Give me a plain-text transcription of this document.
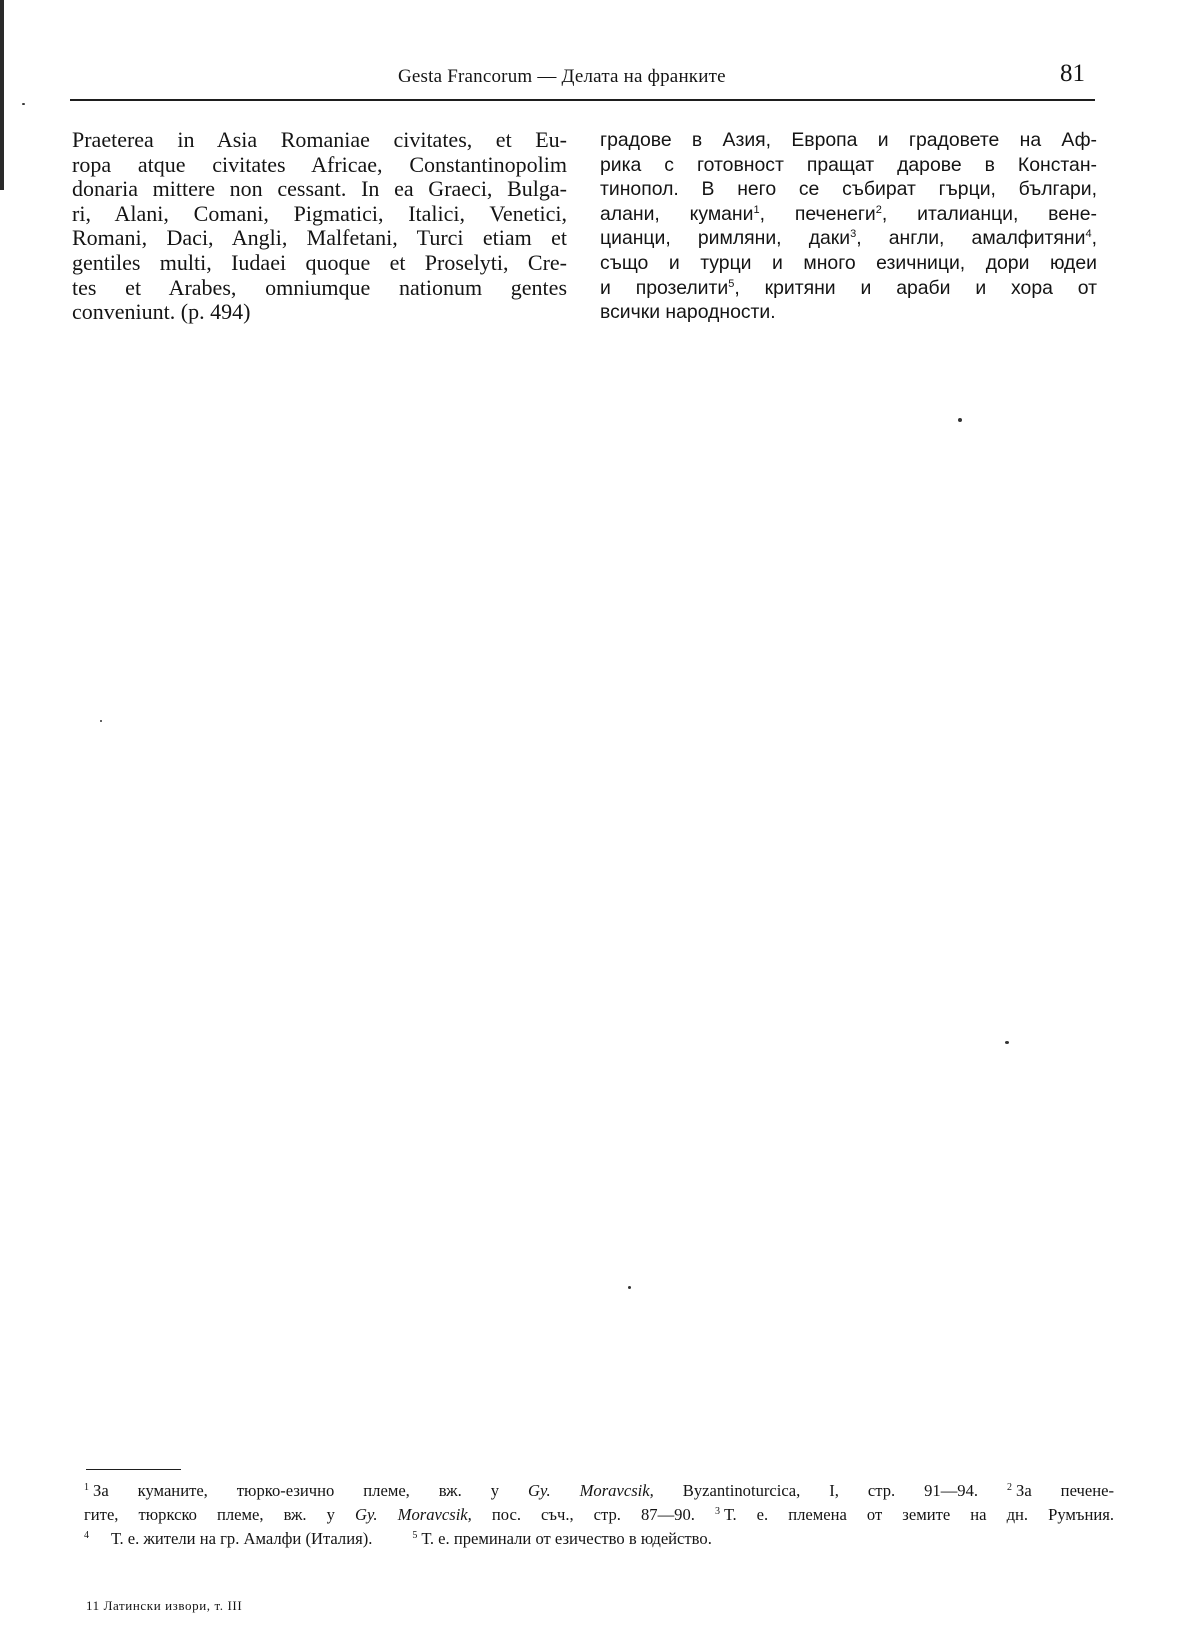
Gesta Francorum — Делата на франките	81
Praeterea in Asia Romaniae civitates, et Eu-
ropa atque civitates Africae, Constantinopolim
donaria mittere non cessant. In ea Graeci, Bulga-
ri, Alani, Comani, Pigmatici, Italici, Venetici,
Romani, Daci, Angli, Malfetani, Turci etiam et
gentiles multi, Iudaei quoque et Proselyti, Cre-
tes et Arabes, omniumque nationum gentes
conveniunt. (p. 494)
градове в Азия, Европа и градовете на Аф-
рика с готовност пращат дарове в Констан-
тинопол. В него се събират гърци, българи,
алани, кумани$^1$, печенеги$^2$, италианци, вене-
цианци, римляни, даки$^3$, англи, амалфитяни$^4$,
също и турци и много езичници, дори юдеи
и прозелити$^5$, критяни и араби и хора от
всички народности.
$^1$ За куманите, тюрко-езично племе, вж. у Gy. Moravcsik, Byzantinoturcica, I, стр. 91—94.	$^2$ За печене-
гите, тюркско племе, вж. у Gy. Moravcsik, пос. съч., стр. 87—90. $^3$ Т. е. племена от земите на дн. Румъния.
$^4$ Т. е. жители на гр. Амалфи (Италия).	$^5$ Т. е. преминали от езичество в юдейство.
11 Латински извори, т. III
